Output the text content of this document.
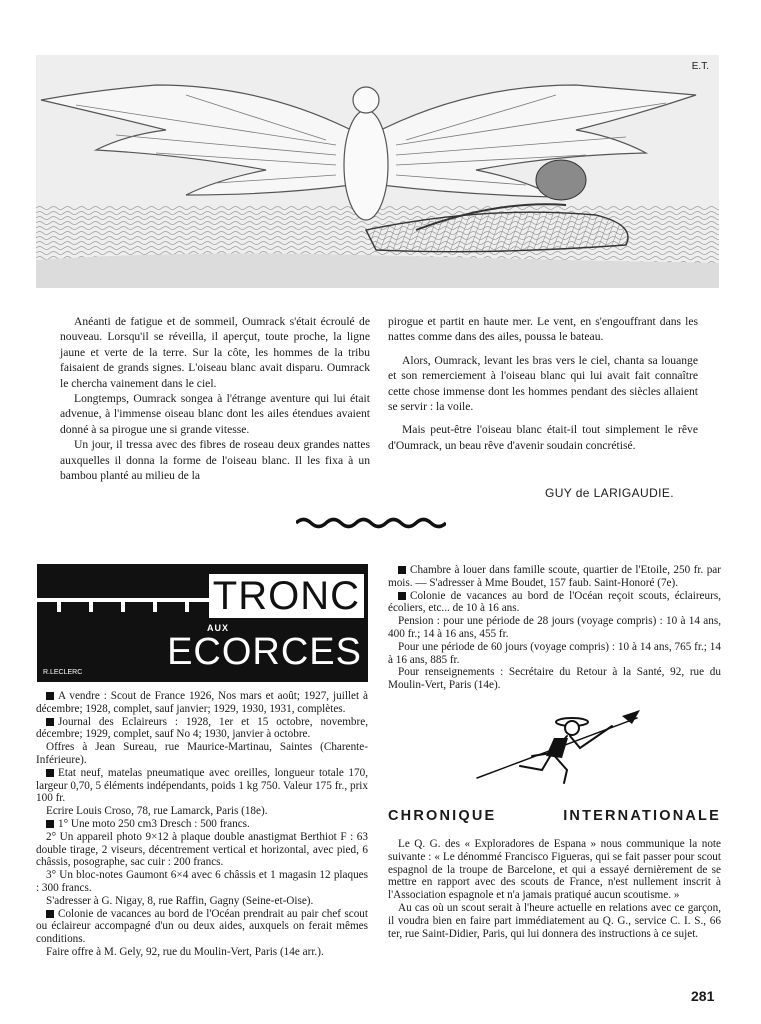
E.T.

Anéanti de fatigue et de sommeil, Oumrack s'était écroulé de nouveau. Lorsqu'il se réveilla, il aperçut, toute proche, la ligne jaune et verte de la terre. Sur la côte, les hommes de la tribu faisaient de grands signes. L'oiseau blanc avait disparu. Oumrack le chercha vainement dans le ciel.

Longtemps, Oumrack songea à l'étrange aventure qui lui était advenue, à l'immense oiseau blanc dont les ailes étendues avaient donné à sa pirogue une si grande vitesse.

Un jour, il tressa avec des fibres de roseau deux grandes nattes auxquelles il donna la forme de l'oiseau blanc. Il les fixa à un bambou planté au milieu de la

pirogue et partit en haute mer. Le vent, en s'engouffrant dans les nattes comme dans des ailes, poussa le bateau.

Alors, Oumrack, levant les bras vers le ciel, chanta sa louange et son remerciement à l'oiseau blanc qui lui avait fait connaître cette chose immense dont les hommes pendant des siècles allaient se servir : la voile.

Mais peut-être l'oiseau blanc était-il tout simplement le rêve d'Oumrack, un beau rêve d'avenir soudain concrétisé.

GUY de LARIGAUDIE.
TRONC
AUX
ECORCES
R.LECLERC

A vendre : Scout de France 1926, Nos mars et août; 1927, juillet à décembre; 1928, complet, sauf janvier; 1929, 1930, 1931, complètes.

Journal des Eclaireurs : 1928, 1er et 15 octobre, novembre, décembre; 1929, complet, sauf No 4; 1930, janvier à octobre.

Offres à Jean Sureau, rue Maurice-Martinau, Saintes (Charente-Inférieure).

Etat neuf, matelas pneumatique avec oreilles, longueur totale 170, largeur 0,70, 5 éléments indépendants, poids 1 kg 750. Valeur 175 fr., prix 100 fr.

Ecrire Louis Croso, 78, rue Lamarck, Paris (18e).

1° Une moto 250 cm3 Dresch : 500 francs.

2° Un appareil photo 9×12 à plaque double anastigmat Berthiot F : 63 double tirage, 2 viseurs, décentrement vertical et horizontal, avec pied, 6 châssis, posographe, sac cuir : 200 francs.

3° Un bloc-notes Gaumont 6×4 avec 6 châssis et 1 magasin 12 plaques : 300 francs.

S'adresser à G. Nigay, 8, rue Raffin, Gagny (Seine-et-Oise).

Colonie de vacances au bord de l'Océan prendrait au pair chef scout ou éclaireur accompagné d'un ou deux aides, auxquels on ferait mêmes conditions.

Faire offre à M. Gely, 92, rue du Moulin-Vert, Paris (14e arr.).

Chambre à louer dans famille scoute, quartier de l'Etoile, 250 fr. par mois. — S'adresser à Mme Boudet, 157 faub. Saint-Honoré (7e).

Colonie de vacances au bord de l'Océan reçoit scouts, éclaireurs, écoliers, etc... de 10 à 16 ans.

Pension : pour une période de 28 jours (voyage compris) : 10 à 14 ans, 400 fr.; 14 à 16 ans, 455 fr.

Pour une période de 60 jours (voyage compris) : 10 à 14 ans, 765 fr.; 14 à 16 ans, 885 fr.

Pour renseignements : Secrétaire du Retour à la Santé, 92, rue du Moulin-Vert, Paris (14e).

CHRONIQUE	INTERNATIONALE

Le Q. G. des « Exploradores de Espana » nous communique la note suivante : « Le dénommé Francisco Figueras, qui se fait passer pour scout espagnol de la troupe de Barcelone, et qui a essayé dernièrement de se mettre en rapport avec des scouts de France, n'est nullement inscrit à l'Association espagnole et n'a jamais pratiqué aucun scoutisme. »

Au cas où un scout serait à l'heure actuelle en relations avec ce garçon, il voudra bien en faire part immédiatement au Q. G., service C. I. S., 66 ter, rue Saint-Didier, Paris, qui lui donnera des instructions à ce sujet.

281
